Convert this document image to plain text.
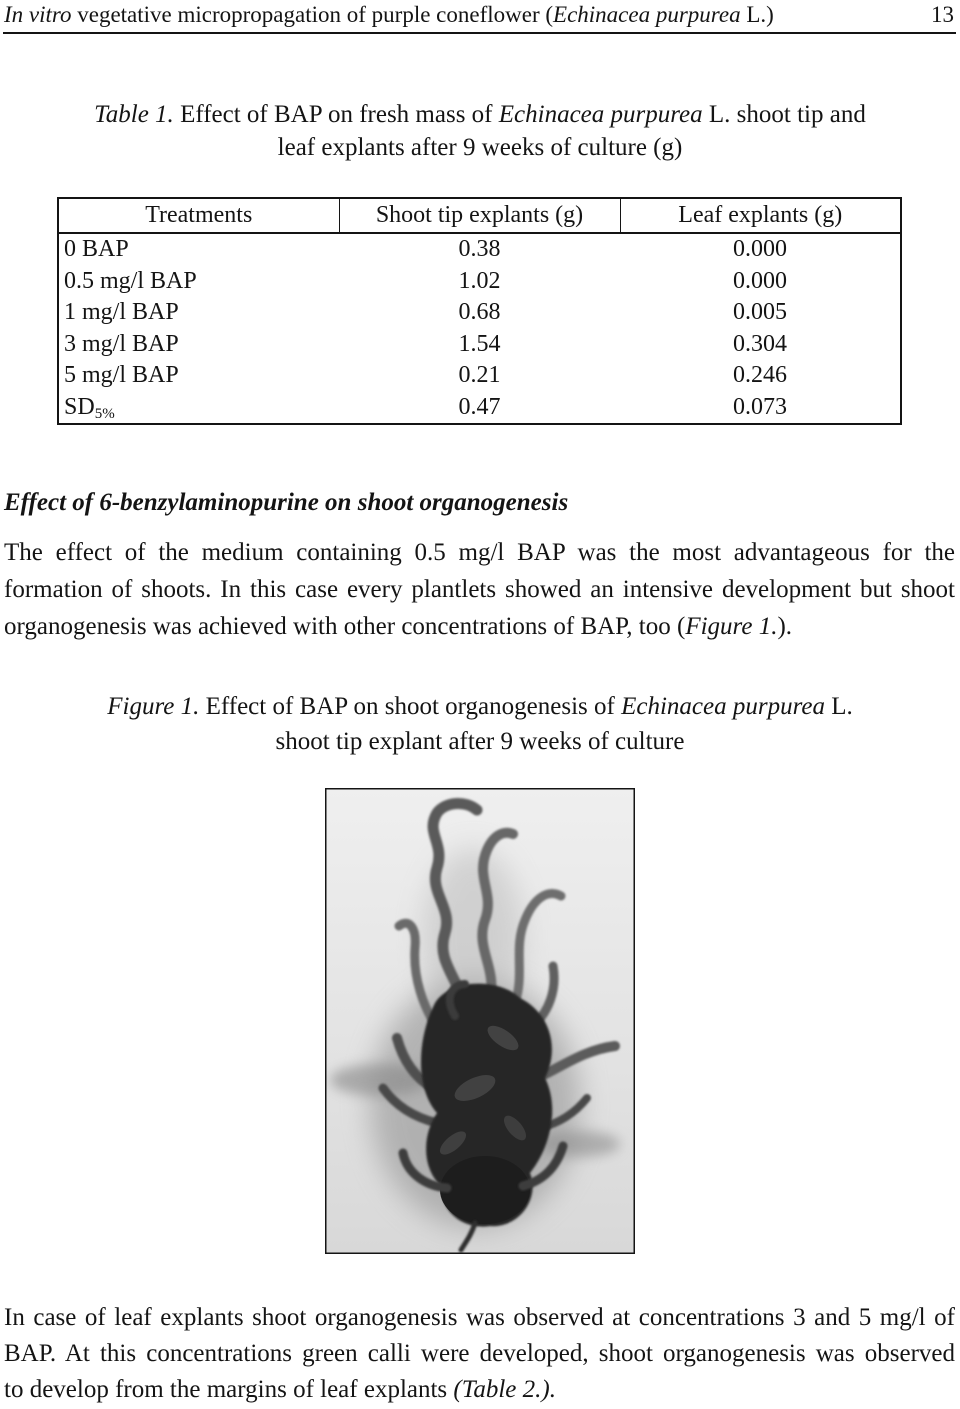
In vitro vegetative micropropagation of purple coneflower (Echinacea purpurea L.)	13
Table 1. Effect of BAP on fresh mass of Echinacea purpurea L. shoot tip and
leaf explants after 9 weeks of culture (g)
Treatments	Shoot tip explants (g)	Leaf explants (g)
0 BAP	0.38	0.000
0.5 mg/l BAP	1.02	0.000
1 mg/l BAP	0.68	0.005
3 mg/l BAP	1.54	0.304
5 mg/l BAP	0.21	0.246
$SD_{5\%}$	0.47	0.073
Effect of 6-benzylaminopurine on shoot organogenesis
The effect of the medium containing 0.5 mg/l BAP was the most advantageous for the
formation of shoots. In this case every plantlets showed an intensive development but shoot
organogenesis was achieved with other concentrations of BAP, too (Figure 1.).
Figure 1. Effect of BAP on shoot organogenesis of Echinacea purpurea L.
shoot tip explant after 9 weeks of culture
In case of leaf explants shoot organogenesis was observed at concentrations 3 and 5 mg/l of
BAP. At this concentrations green calli were developed, shoot organogenesis was observed
to develop from the margins of leaf explants (Table 2.).
